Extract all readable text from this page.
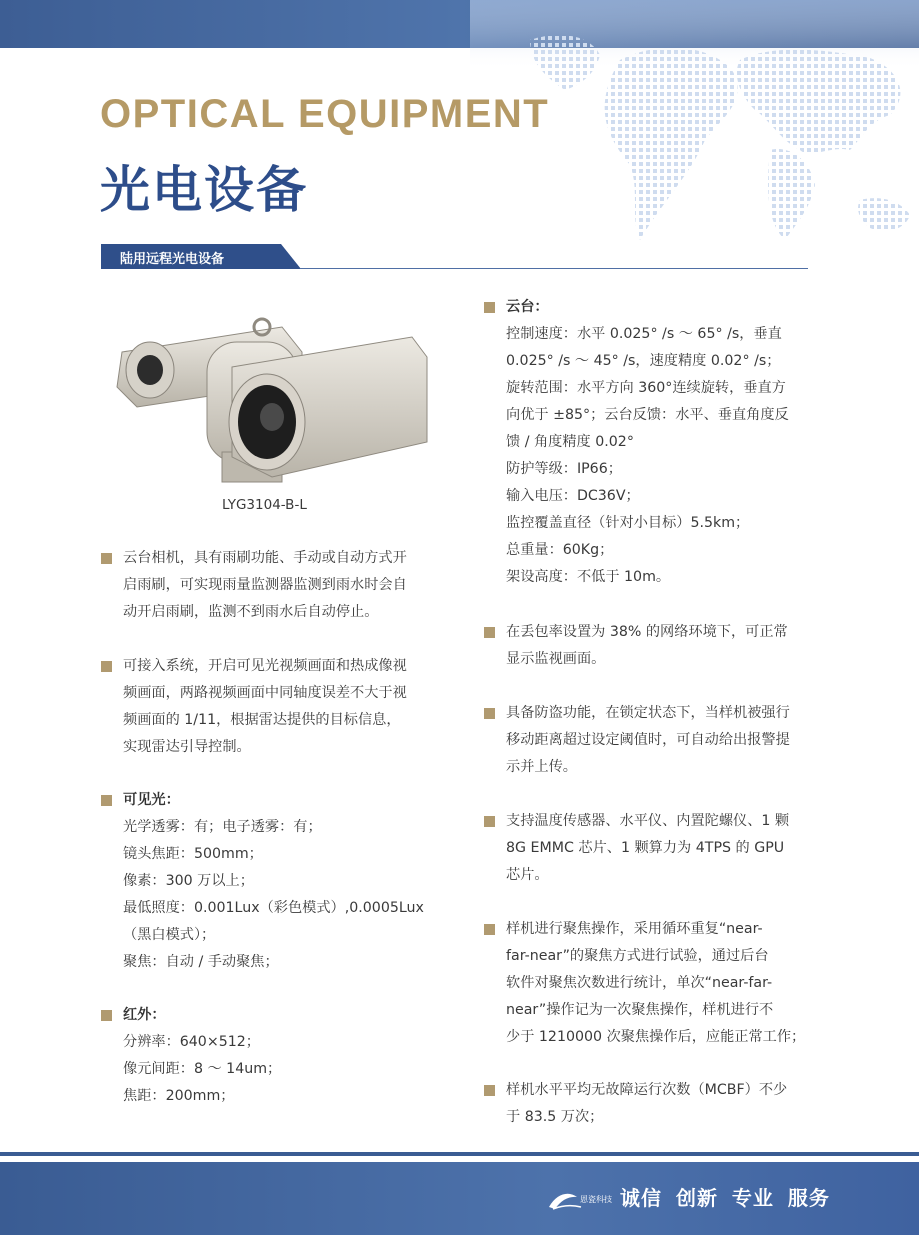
OPTICAL EQUIPMENT
光电设备
陆用远程光电设备
LYG3104-B-L

云台相机，具有雨刷功能、手动或自动方式开

启雨刷，可实现雨量监测器监测到雨水时会自

动开启雨刷，监测不到雨水后自动停止。

可接入系统，开启可见光视频画面和热成像视

频画面，两路视频画面中同轴度误差不大于视

频画面的 1/11，根据雷达提供的目标信息，

实现雷达引导控制。

可见光：

光学透雾：有；电子透雾：有；

镜头焦距：500mm；

像素：300 万以上；

最低照度：0.001Lux（彩色模式）,0.0005Lux

（黑白模式）；

聚焦：自动 / 手动聚焦；

红外：

分辨率：640×512；

像元间距：8 ～ 14um；

焦距：200mm；

云台：

控制速度：水平 0.025° /s ～ 65° /s，垂直

0.025° /s ～ 45° /s，速度精度 0.02° /s；

旋转范围：水平方向 360°连续旋转，垂直方

向优于 ±85°；云台反馈：水平、垂直角度反

馈 / 角度精度 0.02°

防护等级：IP66；

输入电压：DC36V；

监控覆盖直径（针对小目标）5.5km；

总重量：60Kg；

架设高度：不低于 10m。

在丢包率设置为 38% 的网络环境下，可正常

显示监视画面。

具备防盗功能，在锁定状态下，当样机被强行

移动距离超过设定阈值时，可自动给出报警提

示并上传。

支持温度传感器、水平仪、内置陀螺仪、1 颗

8G EMMC 芯片、1 颗算力为 4TPS 的 GPU

芯片。

样机进行聚焦操作，采用循环重复“near-

far-near”的聚焦方式进行试验，通过后台

软件对聚焦次数进行统计，单次“near-far-

near”操作记为一次聚焦操作，样机进行不

少于 1210000 次聚焦操作后，应能正常工作；

样机水平平均无故障运行次数（MCBF）不少

于 83.5 万次；

恩瓷科技 诚信 创新 专业 服务
